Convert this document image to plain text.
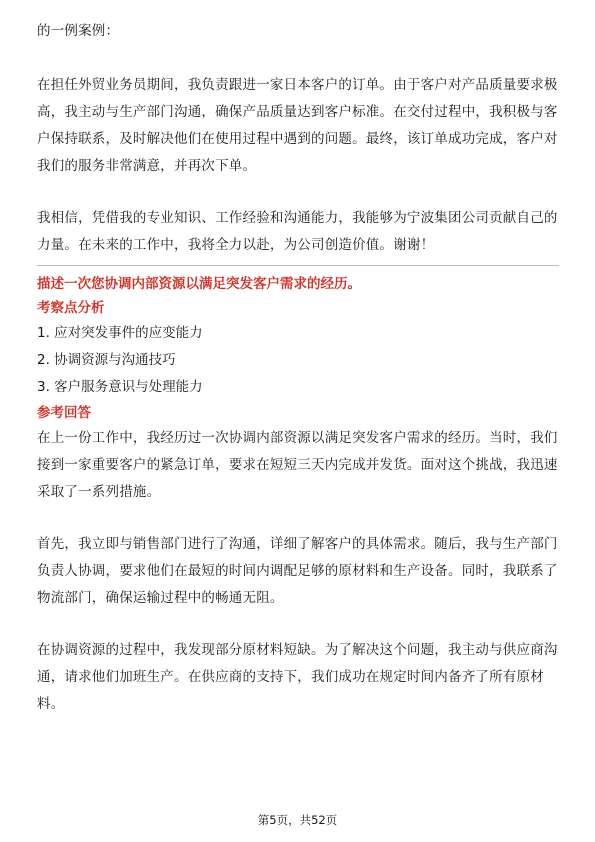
的一例案例：

在担任外贸业务员期间，我负责跟进一家日本客户的订单。由于客户对产品质量要求极高，我主动与生产部门沟通，确保产品质量达到客户标准。在交付过程中，我积极与客户保持联系，及时解决他们在使用过程中遇到的问题。最终，该订单成功完成，客户对我们的服务非常满意，并再次下单。

我相信，凭借我的专业知识、工作经验和沟通能力，我能够为宁波集团公司贡献自己的力量。在未来的工作中，我将全力以赴，为公司创造价值。谢谢！

描述一次您协调内部资源以满足突发客户需求的经历。

考察点分析

1. 应对突发事件的应变能力
2. 协调资源与沟通技巧
3. 客户服务意识与处理能力

参考回答

在上一份工作中，我经历过一次协调内部资源以满足突发客户需求的经历。当时，我们接到一家重要客户的紧急订单，要求在短短三天内完成并发货。面对这个挑战，我迅速采取了一系列措施。

首先，我立即与销售部门进行了沟通，详细了解客户的具体需求。随后，我与生产部门负责人协调，要求他们在最短的时间内调配足够的原材料和生产设备。同时，我联系了物流部门，确保运输过程中的畅通无阻。

在协调资源的过程中，我发现部分原材料短缺。为了解决这个问题，我主动与供应商沟通，请求他们加班生产。在供应商的支持下，我们成功在规定时间内备齐了所有原材料。

第5页，共52页
